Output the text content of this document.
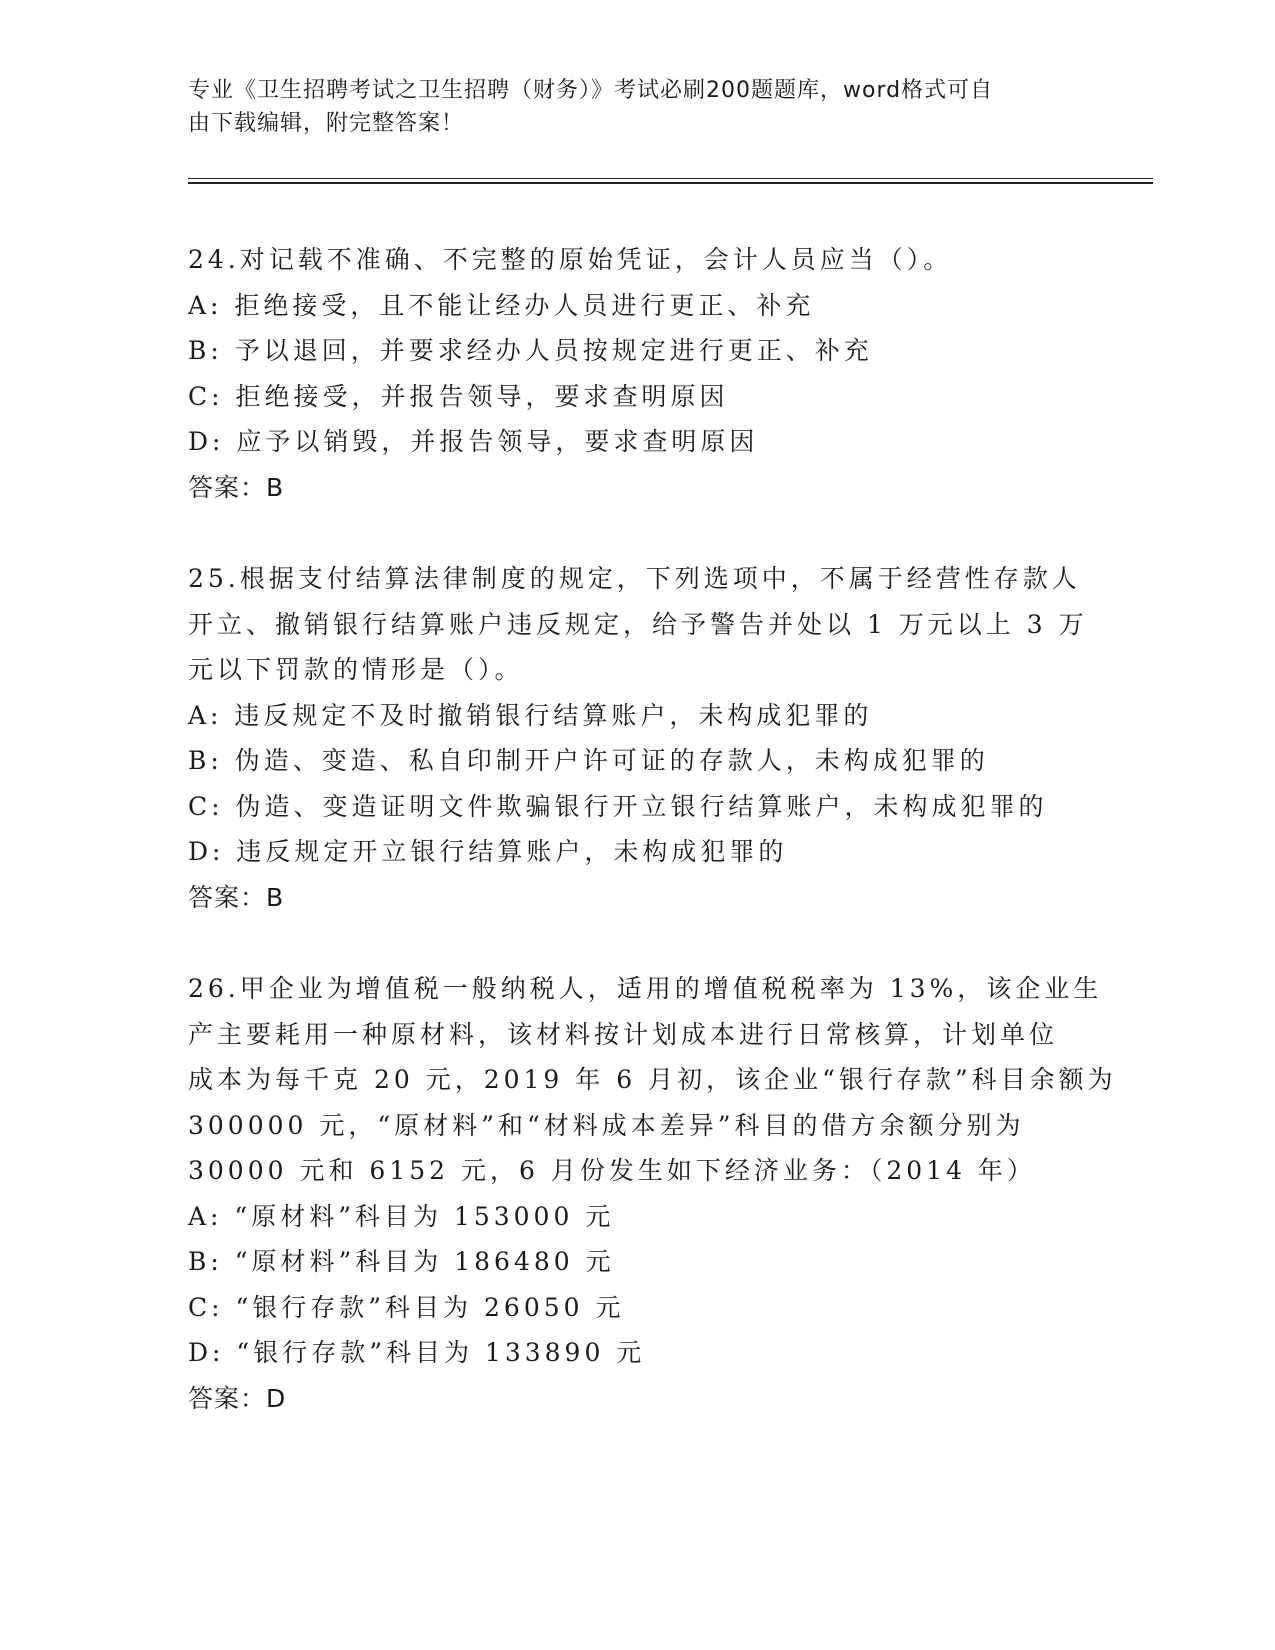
专业《卫生招聘考试之卫生招聘（财务）》考试必刷200题题库，word格式可自
由下载编辑，附完整答案！
24.对记载不准确、不完整的原始凭证，会计人员应当（）。

A: 拒绝接受，且不能让经办人员进行更正、补充

B: 予以退回，并要求经办人员按规定进行更正、补充

C: 拒绝接受，并报告领导，要求查明原因

D: 应予以销毁，并报告领导，要求查明原因

答案：B

25.根据支付结算法律制度的规定，下列选项中，不属于经营性存款人
开立、撤销银行结算账户违反规定，给予警告并处以 1 万元以上 3 万
元以下罚款的情形是（）。

A: 违反规定不及时撤销银行结算账户，未构成犯罪的

B: 伪造、变造、私自印制开户许可证的存款人，未构成犯罪的

C: 伪造、变造证明文件欺骗银行开立银行结算账户，未构成犯罪的

D: 违反规定开立银行结算账户，未构成犯罪的

答案：B

26.甲企业为增值税一般纳税人，适用的增值税税率为 13%，该企业生
产主要耗用一种原材料，该材料按计划成本进行日常核算，计划单位
成本为每千克 20 元，2019 年 6 月初，该企业“银行存款”科目余额为
300000 元，“原材料”和“材料成本差异”科目的借方余额分别为
30000 元和 6152 元，6 月份发生如下经济业务：（2014 年）

A: “原材料”科目为 153000 元

B: “原材料”科目为 186480 元

C: “银行存款”科目为 26050 元

D: “银行存款”科目为 133890 元

答案：D
